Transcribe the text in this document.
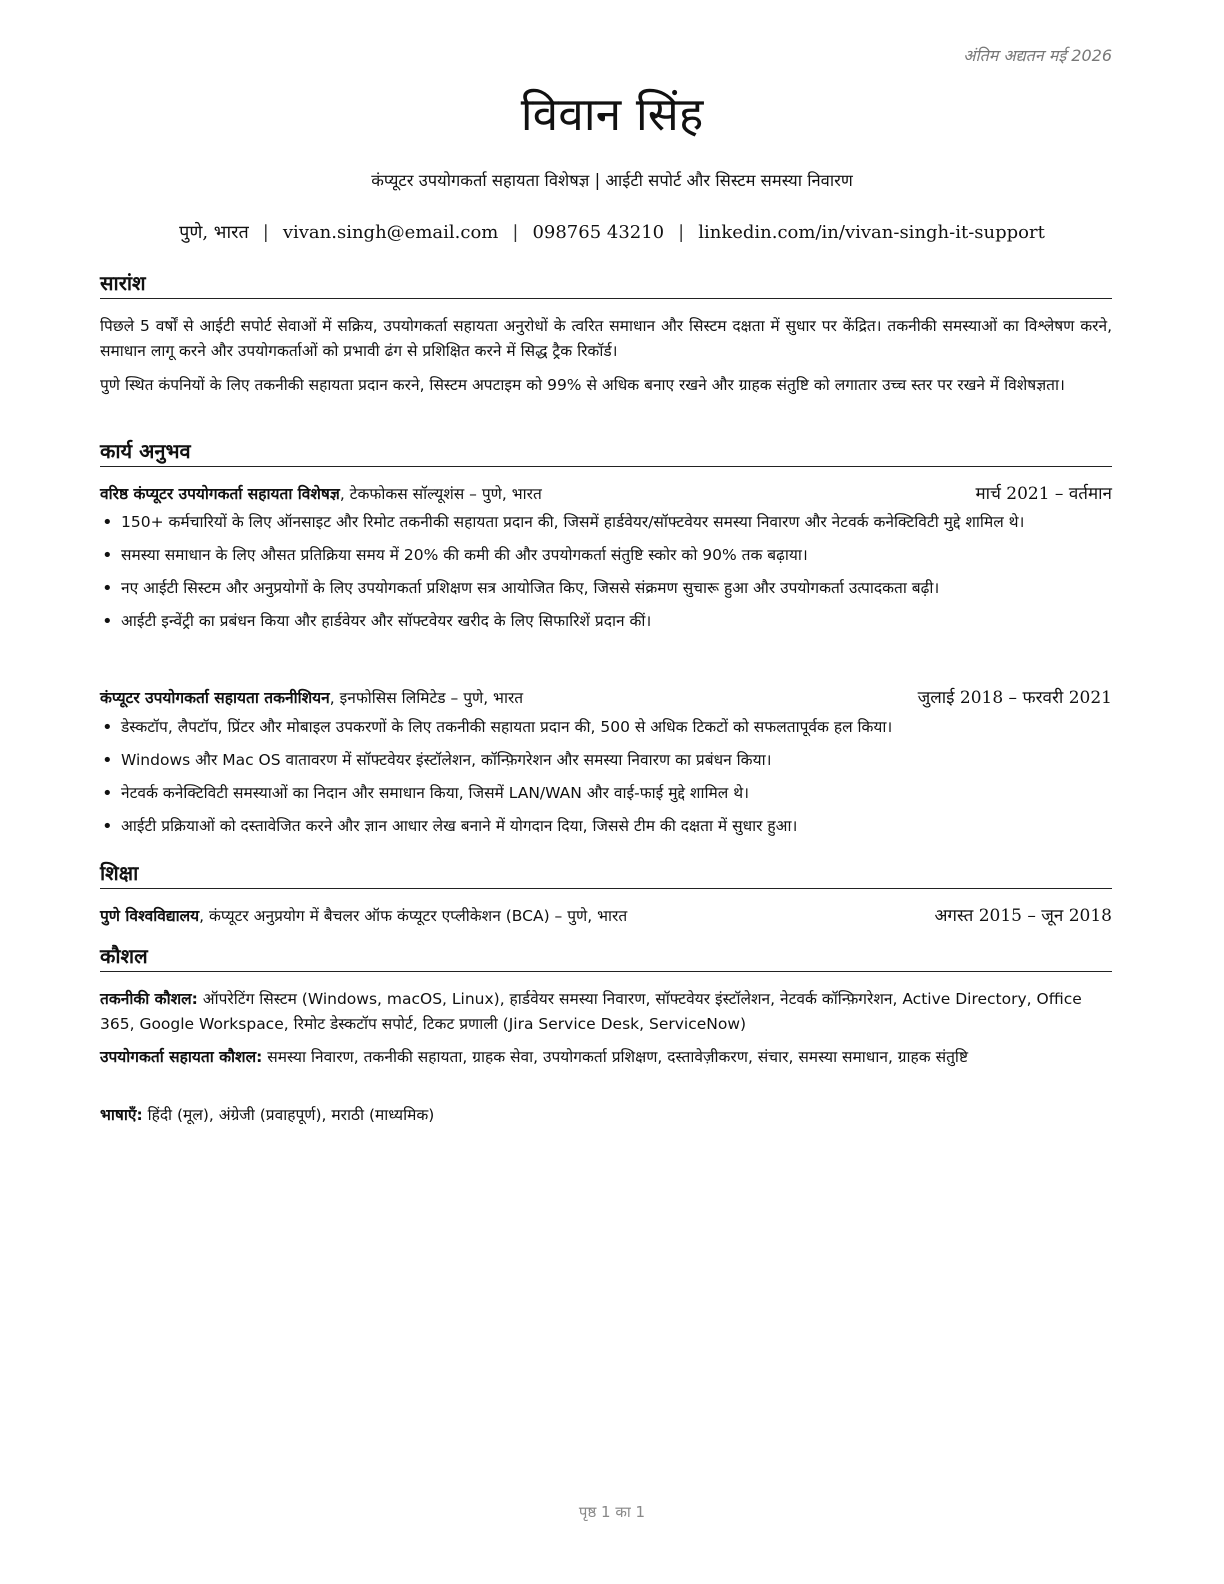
अंतिम अद्यतन मई 2026
विवान सिंह
कंप्यूटर उपयोगकर्ता सहायता विशेषज्ञ | आईटी सपोर्ट और सिस्टम समस्या निवारण
पुणे, भारत | vivan.singh@email.com | 098765 43210 | linkedin.com/in/vivan-singh-it-support
सारांश
पिछले 5 वर्षों से आईटी सपोर्ट सेवाओं में सक्रिय, उपयोगकर्ता सहायता अनुरोधों के त्वरित समाधान और सिस्टम दक्षता में सुधार पर केंद्रित। तकनीकी समस्याओं का विश्लेषण करने, समाधान लागू करने और उपयोगकर्ताओं को प्रभावी ढंग से प्रशिक्षित करने में सिद्ध ट्रैक रिकॉर्ड।
पुणे स्थित कंपनियों के लिए तकनीकी सहायता प्रदान करने, सिस्टम अपटाइम को 99% से अधिक बनाए रखने और ग्राहक संतुष्टि को लगातार उच्च स्तर पर रखने में विशेषज्ञता।
कार्य अनुभव
वरिष्ठ कंप्यूटर उपयोगकर्ता सहायता विशेषज्ञ, टेकफोकस सॉल्यूशंस – पुणे, भारत	मार्च 2021 – वर्तमान
• 150+ कर्मचारियों के लिए ऑनसाइट और रिमोट तकनीकी सहायता प्रदान की, जिसमें हार्डवेयर/सॉफ्टवेयर समस्या निवारण और नेटवर्क कनेक्टिविटी मुद्दे शामिल थे।
• समस्या समाधान के लिए औसत प्रतिक्रिया समय में 20% की कमी की और उपयोगकर्ता संतुष्टि स्कोर को 90% तक बढ़ाया।
• नए आईटी सिस्टम और अनुप्रयोगों के लिए उपयोगकर्ता प्रशिक्षण सत्र आयोजित किए, जिससे संक्रमण सुचारू हुआ और उपयोगकर्ता उत्पादकता बढ़ी।
• आईटी इन्वेंट्री का प्रबंधन किया और हार्डवेयर और सॉफ्टवेयर खरीद के लिए सिफारिशें प्रदान कीं।
कंप्यूटर उपयोगकर्ता सहायता तकनीशियन, इनफोसिस लिमिटेड – पुणे, भारत	जुलाई 2018 – फरवरी 2021
• डेस्कटॉप, लैपटॉप, प्रिंटर और मोबाइल उपकरणों के लिए तकनीकी सहायता प्रदान की, 500 से अधिक टिकटों को सफलतापूर्वक हल किया।
• Windows और Mac OS वातावरण में सॉफ्टवेयर इंस्टॉलेशन, कॉन्फ़िगरेशन और समस्या निवारण का प्रबंधन किया।
• नेटवर्क कनेक्टिविटी समस्याओं का निदान और समाधान किया, जिसमें LAN/WAN और वाई-फाई मुद्दे शामिल थे।
• आईटी प्रक्रियाओं को दस्तावेजित करने और ज्ञान आधार लेख बनाने में योगदान दिया, जिससे टीम की दक्षता में सुधार हुआ।
शिक्षा
पुणे विश्वविद्यालय, कंप्यूटर अनुप्रयोग में बैचलर ऑफ कंप्यूटर एप्लीकेशन (BCA) – पुणे, भारत	अगस्त 2015 – जून 2018
कौशल
तकनीकी कौशल: ऑपरेटिंग सिस्टम (Windows, macOS, Linux), हार्डवेयर समस्या निवारण, सॉफ्टवेयर इंस्टॉलेशन, नेटवर्क कॉन्फ़िगरेशन, Active Directory, Office 365, Google Workspace, रिमोट डेस्कटॉप सपोर्ट, टिकट प्रणाली (Jira Service Desk, ServiceNow)
उपयोगकर्ता सहायता कौशल: समस्या निवारण, तकनीकी सहायता, ग्राहक सेवा, उपयोगकर्ता प्रशिक्षण, दस्तावेज़ीकरण, संचार, समस्या समाधान, ग्राहक संतुष्टि
भाषाएँ: हिंदी (मूल), अंग्रेजी (प्रवाहपूर्ण), मराठी (माध्यमिक)
पृष्ठ 1 का 1
